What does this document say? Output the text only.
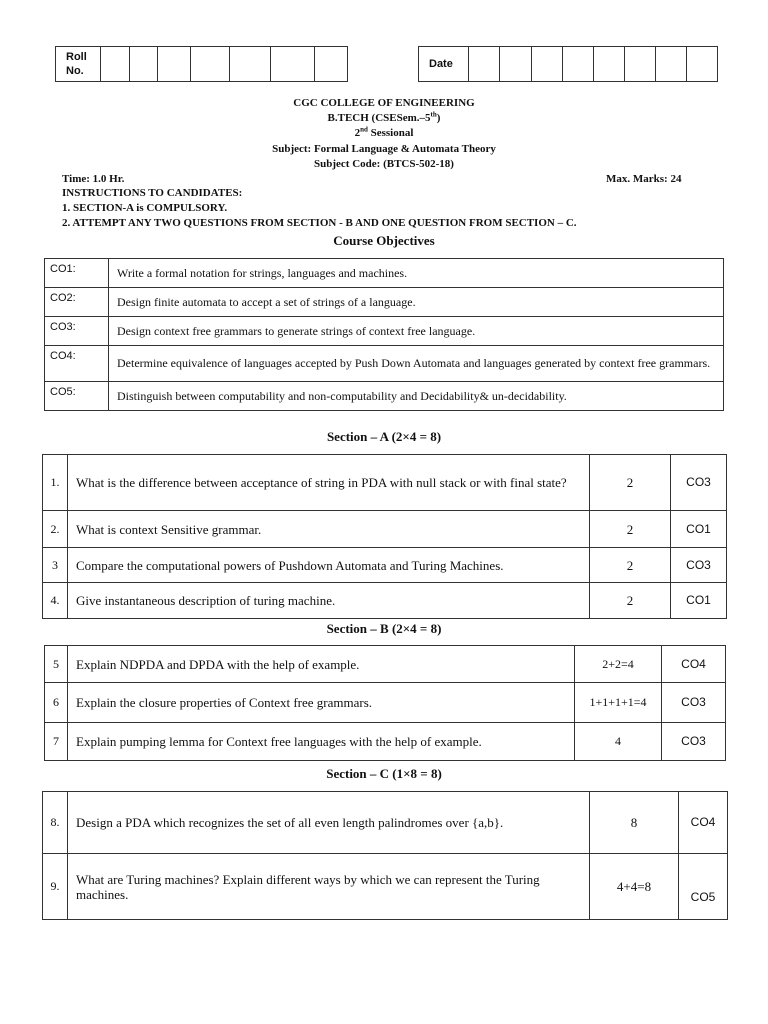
Roll
No.							
Date								
CGC COLLEGE OF ENGINEERING
B.TECH (CSESem.–5th)
2nd Sessional
Subject: Formal Language & Automata Theory
Subject Code: (BTCS-502-18)
Time: 1.0 Hr.	Max. Marks: 24
INSTRUCTIONS TO CANDIDATES:
1. SECTION-A is COMPULSORY.
2. ATTEMPT ANY TWO QUESTIONS FROM SECTION - B AND ONE QUESTION FROM SECTION – C.
Course Objectives
CO1:	Write a formal notation for strings, languages and machines.
CO2:	Design finite automata to accept a set of strings of a language.
CO3:	Design context free grammars to generate strings of context free language.
CO4:	Determine equivalence of languages accepted by Push Down Automata and languages generated by context free grammars.
CO5:	Distinguish between computability and non-computability and Decidability& un-decidability.
Section – A (2×4 = 8)
1.	What is the difference between acceptance of string in PDA with null stack or with final state?	2	CO3
2.	What is context Sensitive grammar.	2	CO1
3	Compare the computational powers of Pushdown Automata and Turing Machines.	2	CO3
4.	Give instantaneous description of turing machine.	2	CO1
Section – B (2×4 = 8)
5	Explain NDPDA and DPDA with the help of example.	2+2=4	CO4
6	Explain the closure properties of Context free grammars.	1+1+1+1=4	CO3
7	Explain pumping lemma for Context free languages with the help of example.	4	CO3
Section – C (1×8 = 8)
8.	Design a PDA which recognizes the set of all even length palindromes over {a,b}.	8	CO4
9.	What are Turing machines? Explain different ways by which we can represent the Turing machines.	4+4=8	CO5
